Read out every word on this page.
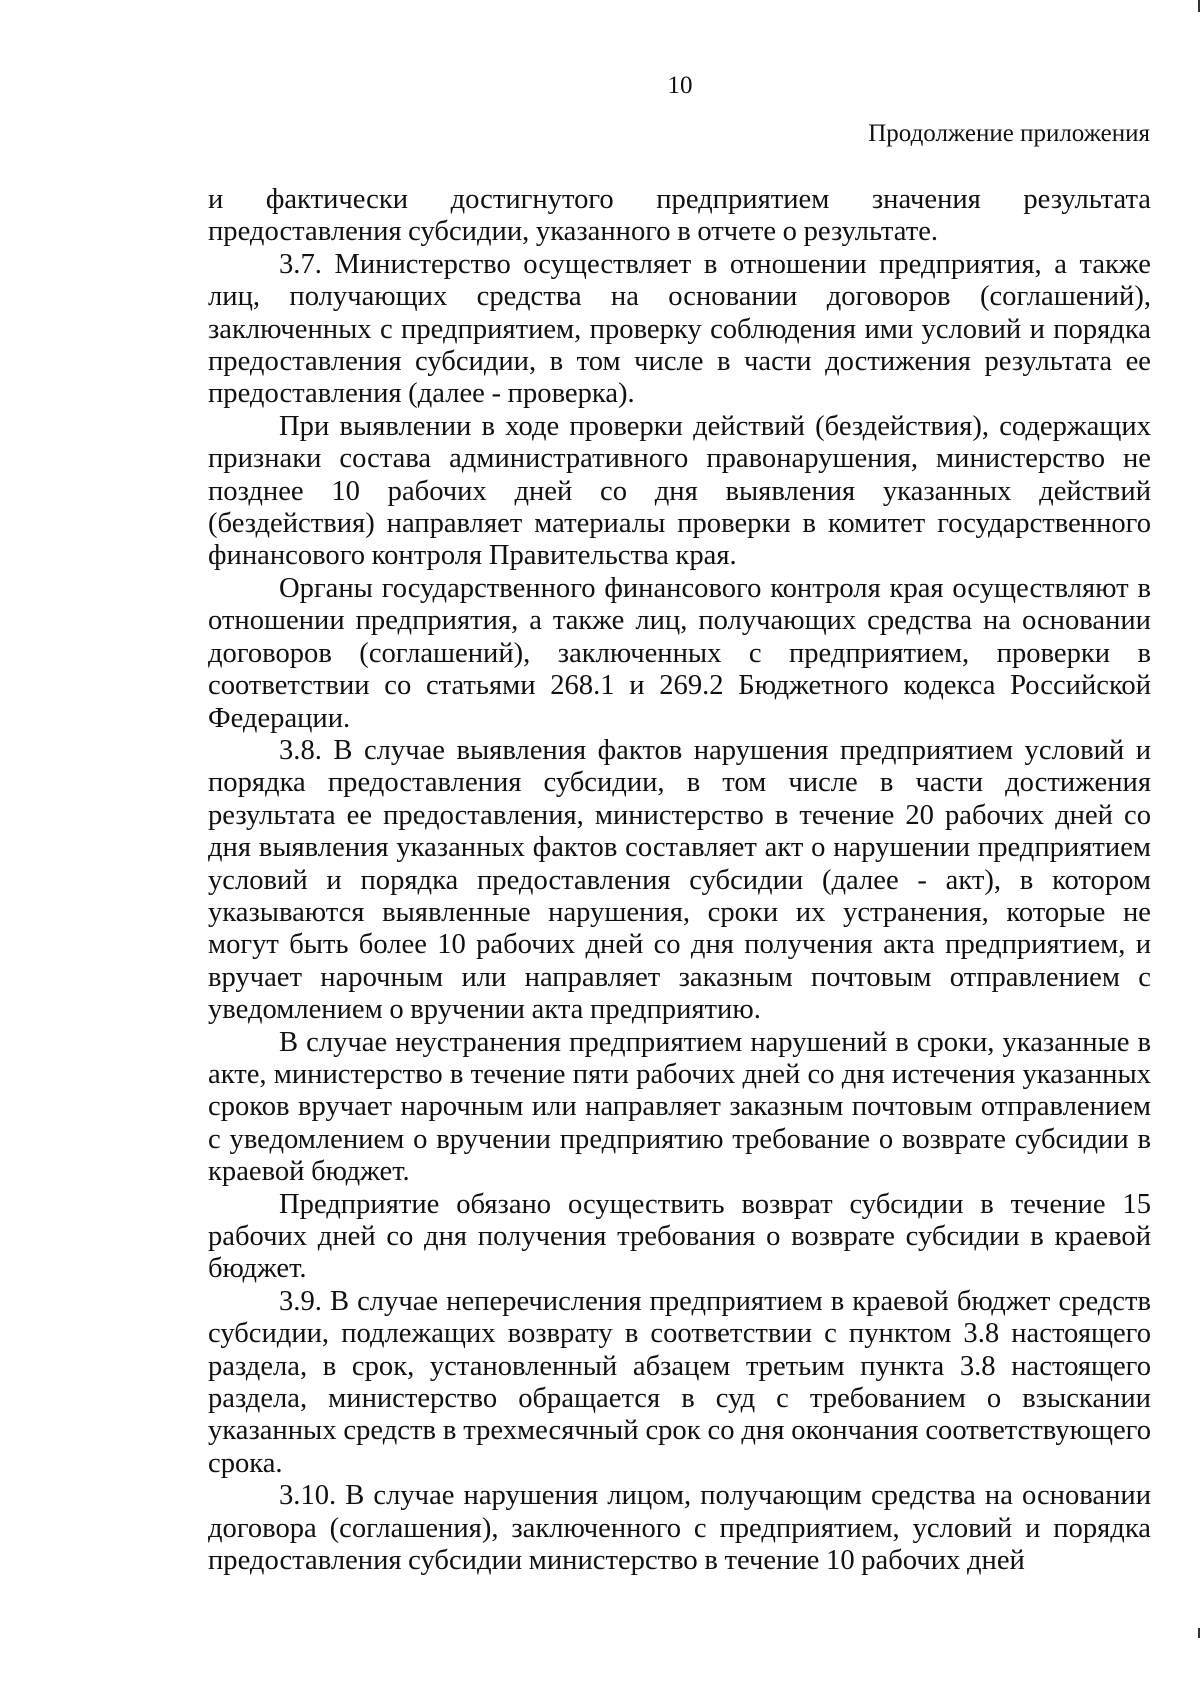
10
Продолжение приложения

и фактически достигнутого предприятием значения результата предоставления субсидии, указанного в отчете о результате.

3.7. Министерство осуществляет в отношении предприятия, а также лиц, получающих средства на основании договоров (соглашений), заключенных с предприятием, проверку соблюдения ими условий и порядка предоставления субсидии, в том числе в части достижения результата ее предоставления (далее - проверка).

При выявлении в ходе проверки действий (бездействия), содержащих признаки состава административного правонарушения, министерство не позднее 10 рабочих дней со дня выявления указанных действий (бездействия) направляет материалы проверки в комитет государственного финансового контроля Правительства края.

Органы государственного финансового контроля края осуществляют в отношении предприятия, а также лиц, получающих средства на основании договоров (соглашений), заключенных с предприятием, проверки в соответствии со статьями 268.1 и 269.2 Бюджетного кодекса Российской Федерации.

3.8. В случае выявления фактов нарушения предприятием условий и порядка предоставления субсидии, в том числе в части достижения результата ее предоставления, министерство в течение 20 рабочих дней со дня выявления указанных фактов составляет акт о нарушении предприятием условий и порядка предоставления субсидии (далее - акт), в котором указываются выявленные нарушения, сроки их устранения, которые не могут быть более 10 рабочих дней со дня получения акта предприятием, и вручает нарочным или направляет заказным почтовым отправлением с уведомлением о вручении акта предприятию.

В случае неустранения предприятием нарушений в сроки, указанные в акте, министерство в течение пяти рабочих дней со дня истечения указанных сроков вручает нарочным или направляет заказным почтовым отправлением с уведомлением о вручении предприятию требование о возврате субсидии в краевой бюджет.

Предприятие обязано осуществить возврат субсидии в течение 15 рабочих дней со дня получения требования о возврате субсидии в краевой бюджет.

3.9. В случае неперечисления предприятием в краевой бюджет средств субсидии, подлежащих возврату в соответствии с пунктом 3.8 настоящего раздела, в срок, установленный абзацем третьим пункта 3.8 настоящего раздела, министерство обращается в суд с требованием о взыскании указанных средств в трехмесячный срок со дня окончания соответствующего срока.

3.10. В случае нарушения лицом, получающим средства на основании договора (соглашения), заключенного с предприятием, условий и порядка предоставления субсидии министерство в течение 10 рабочих дней
